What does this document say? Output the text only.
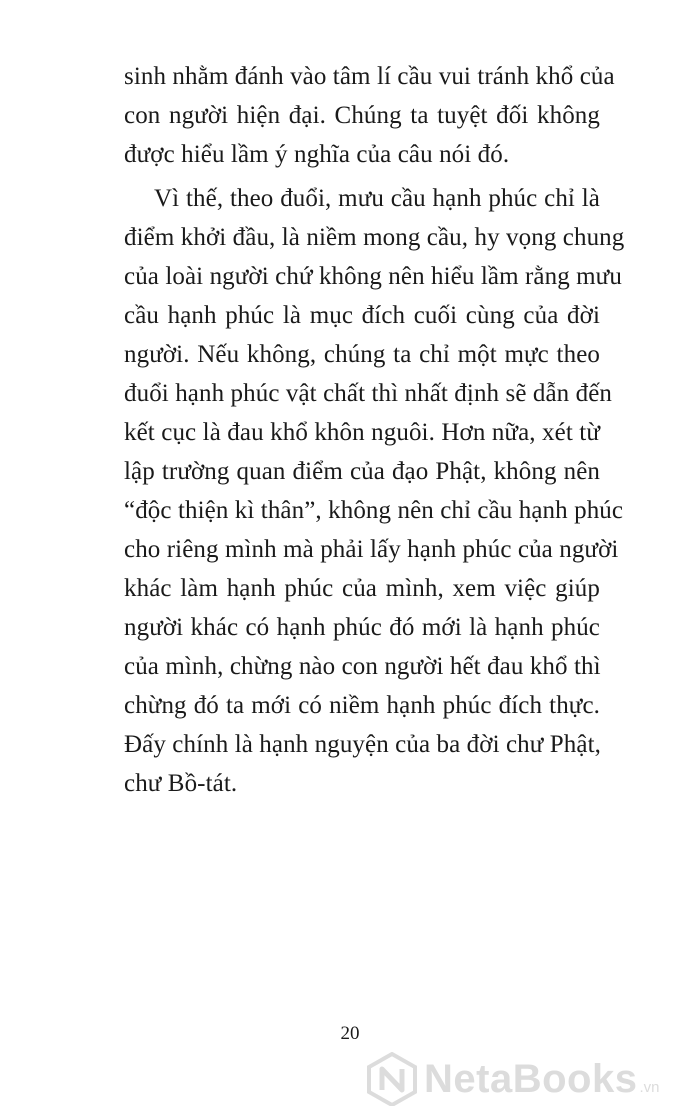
sinh nhằm đánh vào tâm lí cầu vui tránh khổ của
con người hiện đại. Chúng ta tuyệt đối không
được hiểu lầm ý nghĩa của câu nói đó.
Vì thế, theo đuổi, mưu cầu hạnh phúc chỉ là
điểm khởi đầu, là niềm mong cầu, hy vọng chung
của loài người chứ không nên hiểu lầm rằng mưu
cầu hạnh phúc là mục đích cuối cùng của đời
người. Nếu không, chúng ta chỉ một mực theo
đuổi hạnh phúc vật chất thì nhất định sẽ dẫn đến
kết cục là đau khổ khôn nguôi. Hơn nữa, xét từ
lập trường quan điểm của đạo Phật, không nên
“độc thiện kì thân”, không nên chỉ cầu hạnh phúc
cho riêng mình mà phải lấy hạnh phúc của người
khác làm hạnh phúc của mình, xem việc giúp
người khác có hạnh phúc đó mới là hạnh phúc
của mình, chừng nào con người hết đau khổ thì
chừng đó ta mới có niềm hạnh phúc đích thực.
Đấy chính là hạnh nguyện của ba đời chư Phật,
chư Bồ-tát.
20
NetaBooks .vn
